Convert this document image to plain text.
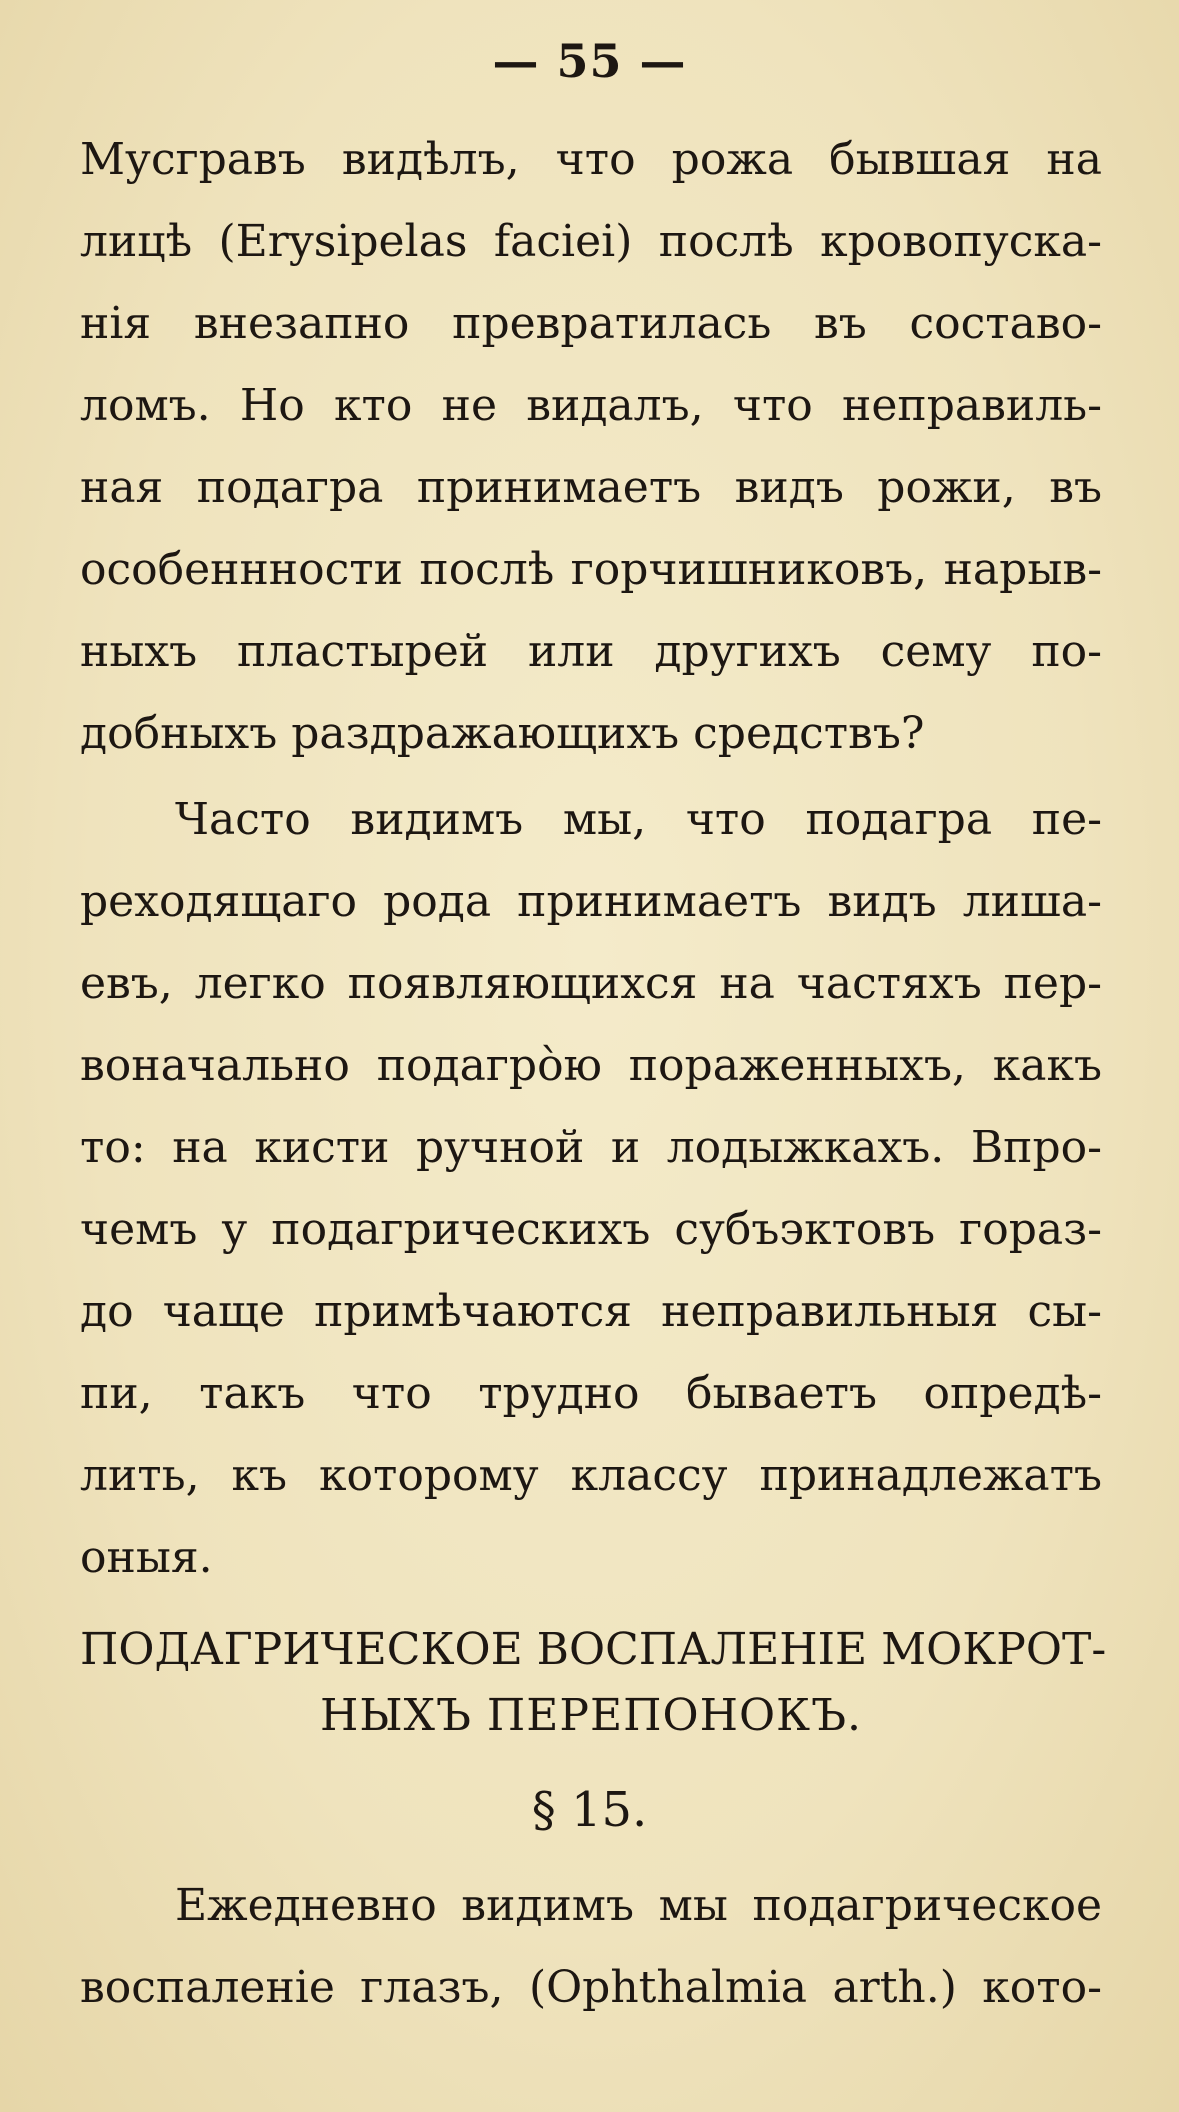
— 55 —
Мусгравъ видѣлъ, что рожа бывшая на
лицѣ (Erysipelas faciei) послѣ кровопуска-
нія внезапно превратилась въ составо-
ломъ. Но кто не видалъ, что неправиль-
ная подагра принимаетъ видъ рожи, въ
особеннности послѣ горчишниковъ, нарыв-
ныхъ пластырей или другихъ сему по-
добныхъ раздражающихъ средствъ?
Часто видимъ мы, что подагра пе-
реходящаго рода принимаетъ видъ лиша-
евъ, легко появляющихся на частяхъ пер-
воначально подагрòю пораженныхъ, какъ
то: на кисти ручной и лодыжкахъ. Впро-
чемъ у подагрическихъ субъэктовъ гораз-
до чаще примѣчаются неправильныя сы-
пи, такъ что трудно бываетъ опредѣ-
лить, къ которому классу принадлежатъ
оныя.
ПОДАГРИЧЕСКОЕ ВОСПАЛЕНІЕ МОКРОТ-
НЫХЪ ПЕРЕПОНОКЪ.
§ 15.
Ежедневно видимъ мы подагрическое
воспаленіе глазъ, (Ophthalmia arth.) кото-
